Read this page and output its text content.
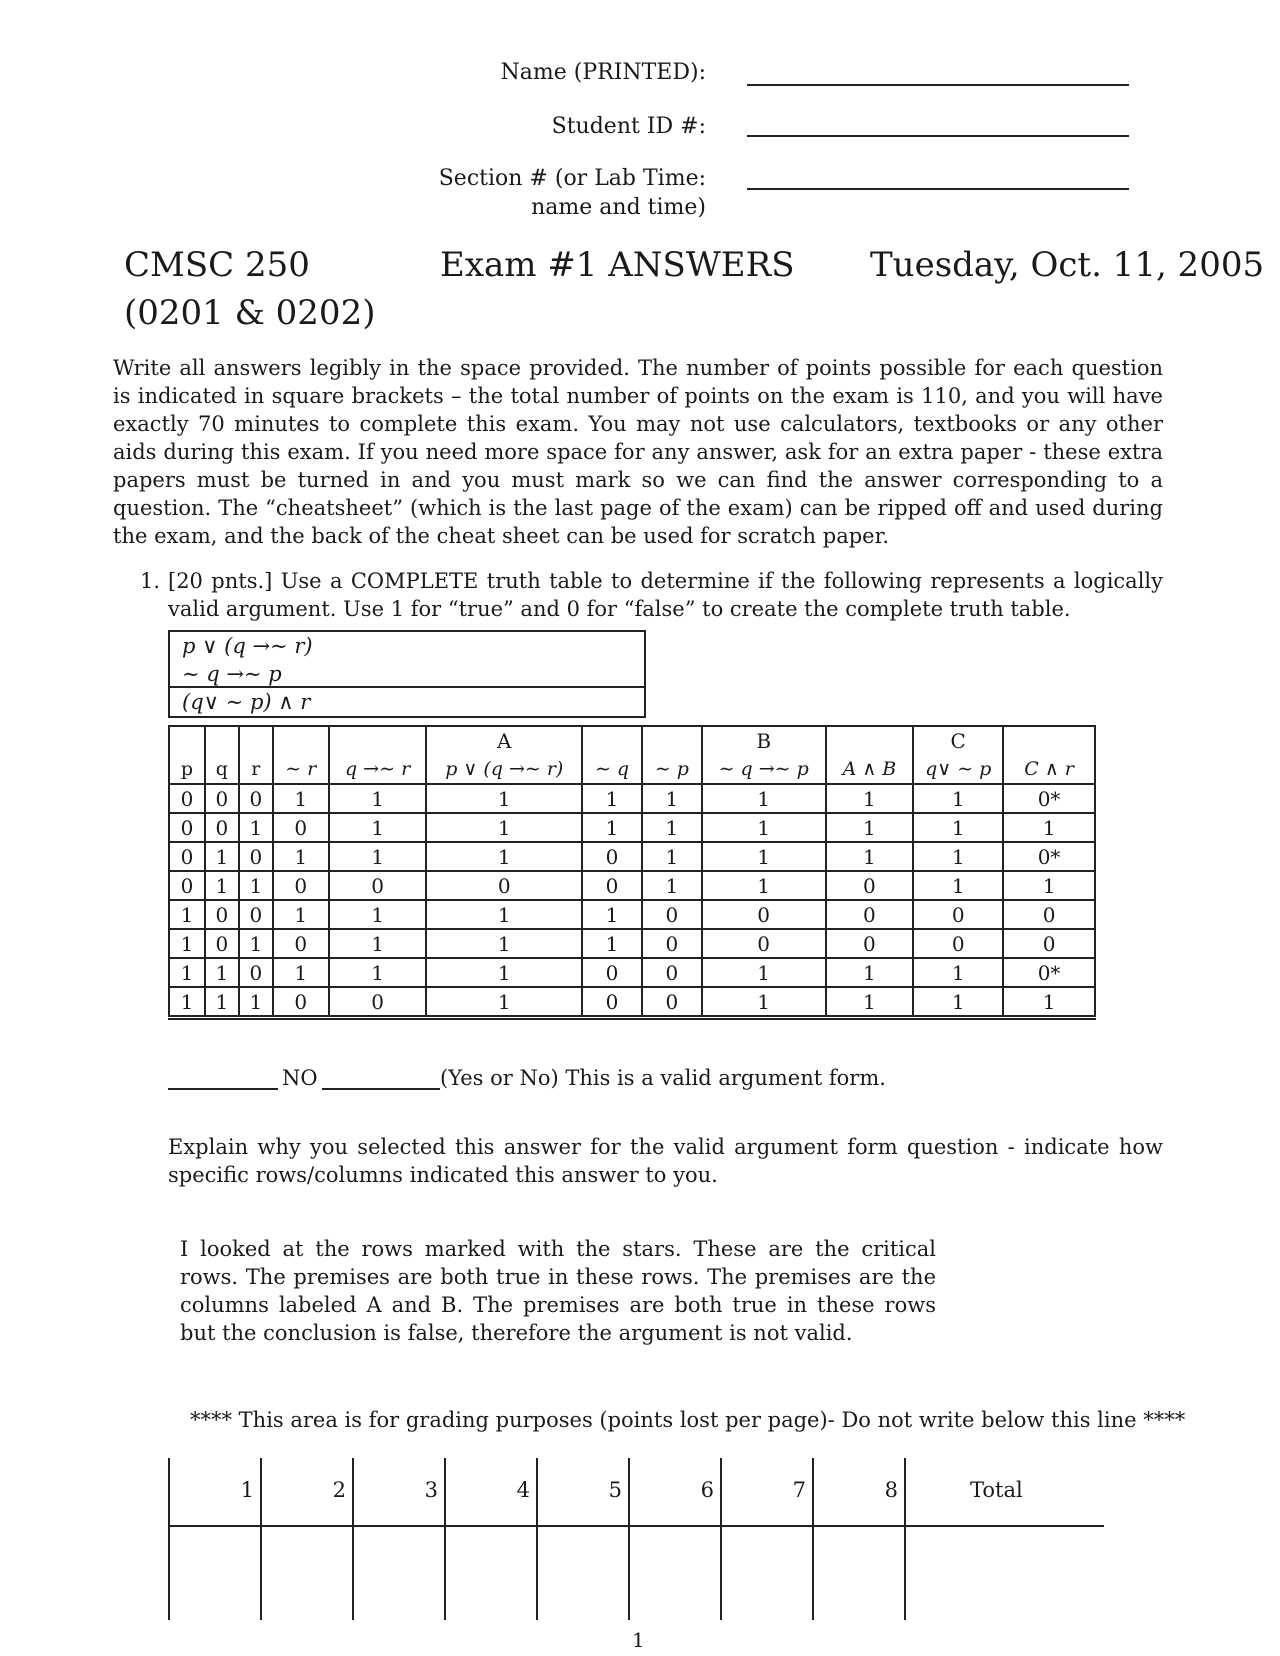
Name (PRINTED):
Student ID #:
Section # (or Lab Time:
name and time)
CMSC 250
(0201 & 0202)
Exam #1 ANSWERS Tuesday, Oct. 11, 2005
Write all answers legibly in the space provided. The number of points possible for each question is indicated in square brackets – the total number of points on the exam is 110, and you will have exactly 70 minutes to complete this exam. You may not use calculators, textbooks or any other aids during this exam. If you need more space for any answer, ask for an extra paper - these extra papers must be turned in and you must mark so we can find the answer corresponding to a question. The “cheatsheet” (which is the last page of the exam) can be ripped off and used during the exam, and the back of the cheat sheet can be used for scratch paper.
1. [20 pnts.] Use a COMPLETE truth table to determine if the following represents a logically valid argument. Use 1 for “true” and 0 for “false” to create the complete truth table.
p ∨ (q →∼ r)
∼ q →∼ p
(q∨ ∼ p) ∧ r
					A			B		C	
p	q	r	∼ r	q →∼ r	p ∨ (q →∼ r)	∼ q	∼ p	∼ q →∼ p	A ∧ B	q∨ ∼ p	C ∧ r
0	0	0	1	1	1	1	1	1	1	1	0*
0	0	1	0	1	1	1	1	1	1	1	1
0	1	0	1	1	1	0	1	1	1	1	0*
0	1	1	0	0	0	0	1	1	0	1	1
1	0	0	1	1	1	1	0	0	0	0	0
1	0	1	0	1	1	1	0	0	0	0	0
1	1	0	1	1	1	0	0	1	1	1	0*
1	1	1	0	0	1	0	0	1	1	1	1
NO	(Yes or No) This is a valid argument form.
Explain why you selected this answer for the valid argument form question - indicate how specific rows/columns indicated this answer to you.
I looked at the rows marked with the stars. These are the critical rows. The premises are both true in these rows. The premises are the columns labeled A and B. The premises are both true in these rows but the conclusion is false, therefore the argument is not valid.
**** This area is for grading purposes (points lost per page)- Do not write below this line ****
1	2	3	4	5	6	7	8	Total
1
